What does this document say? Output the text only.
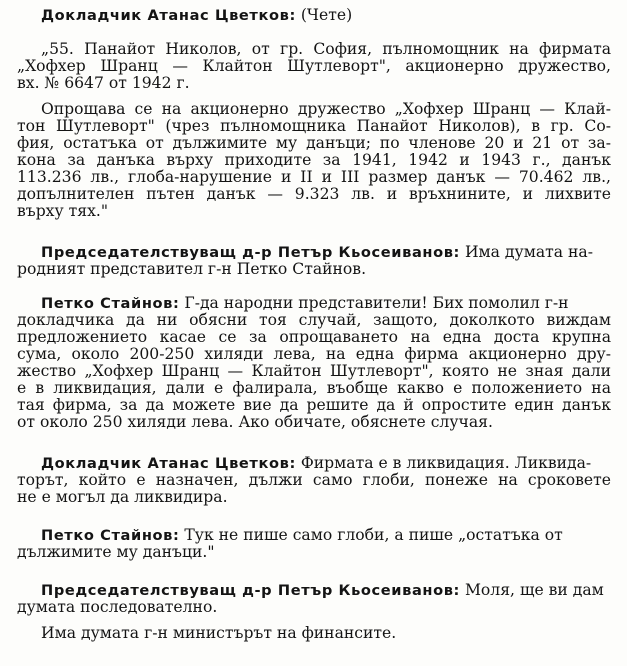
Докладчик Атанас Цветков: (Чете)
„55. Панайот Николов, от гр. София, пълномощник на фирмата
„Хофхер Шранц — Клайтон Шутлеворт", акционерно дружество,
вх. № 6647 от 1942 г.
Опрощава се на акционерно дружество „Хофхер Шранц — Клай-
тон Шутлеворт" (чрез пълномощника Панайот Николов), в гр. Со-
фия, остатъка от дължимите му данъци; по членове 20 и 21 от за-
кона за данъка върху приходите за 1941, 1942 и 1943 г., данък
113.236 лв., глоба-нарушение и II и III размер данък — 70.462 лв.,
допълнителен пътен данък — 9.323 лв. и връхнините, и лихвите
върху тях."
Председателствуващ д-р Петър Кьосеиванов: Има думата на-
родният представител г-н Петко Стайнов.
Петко Стайнов: Г-да народни представители! Бих помолил г-н
докладчика да ни обясни тоя случай, защото, доколкото виждам
предложението касае се за опрощаването на една доста крупна
сума, около 200-250 хиляди лева, на една фирма акционерно дру-
жество „Хофхер Шранц — Клайтон Шутлеворт", която не зная дали
е в ликвидация, дали е фалирала, въобще какво е положението на
тая фирма, за да можете вие да решите да й опростите един данък
от около 250 хиляди лева. Ако обичате, обяснете случая.
Докладчик Атанас Цветков: Фирмата е в ликвидация. Ликвида-
торът, който е назначен, дължи само глоби, понеже на сроковете
не е могъл да ликвидира.
Петко Стайнов: Тук не пише само глоби, а пише „остатъка от
дължимите му данъци."
Председателствуващ д-р Петър Кьосеиванов: Моля, ще ви дам
думата последователно.
Има думата г-н министърът на финансите.
